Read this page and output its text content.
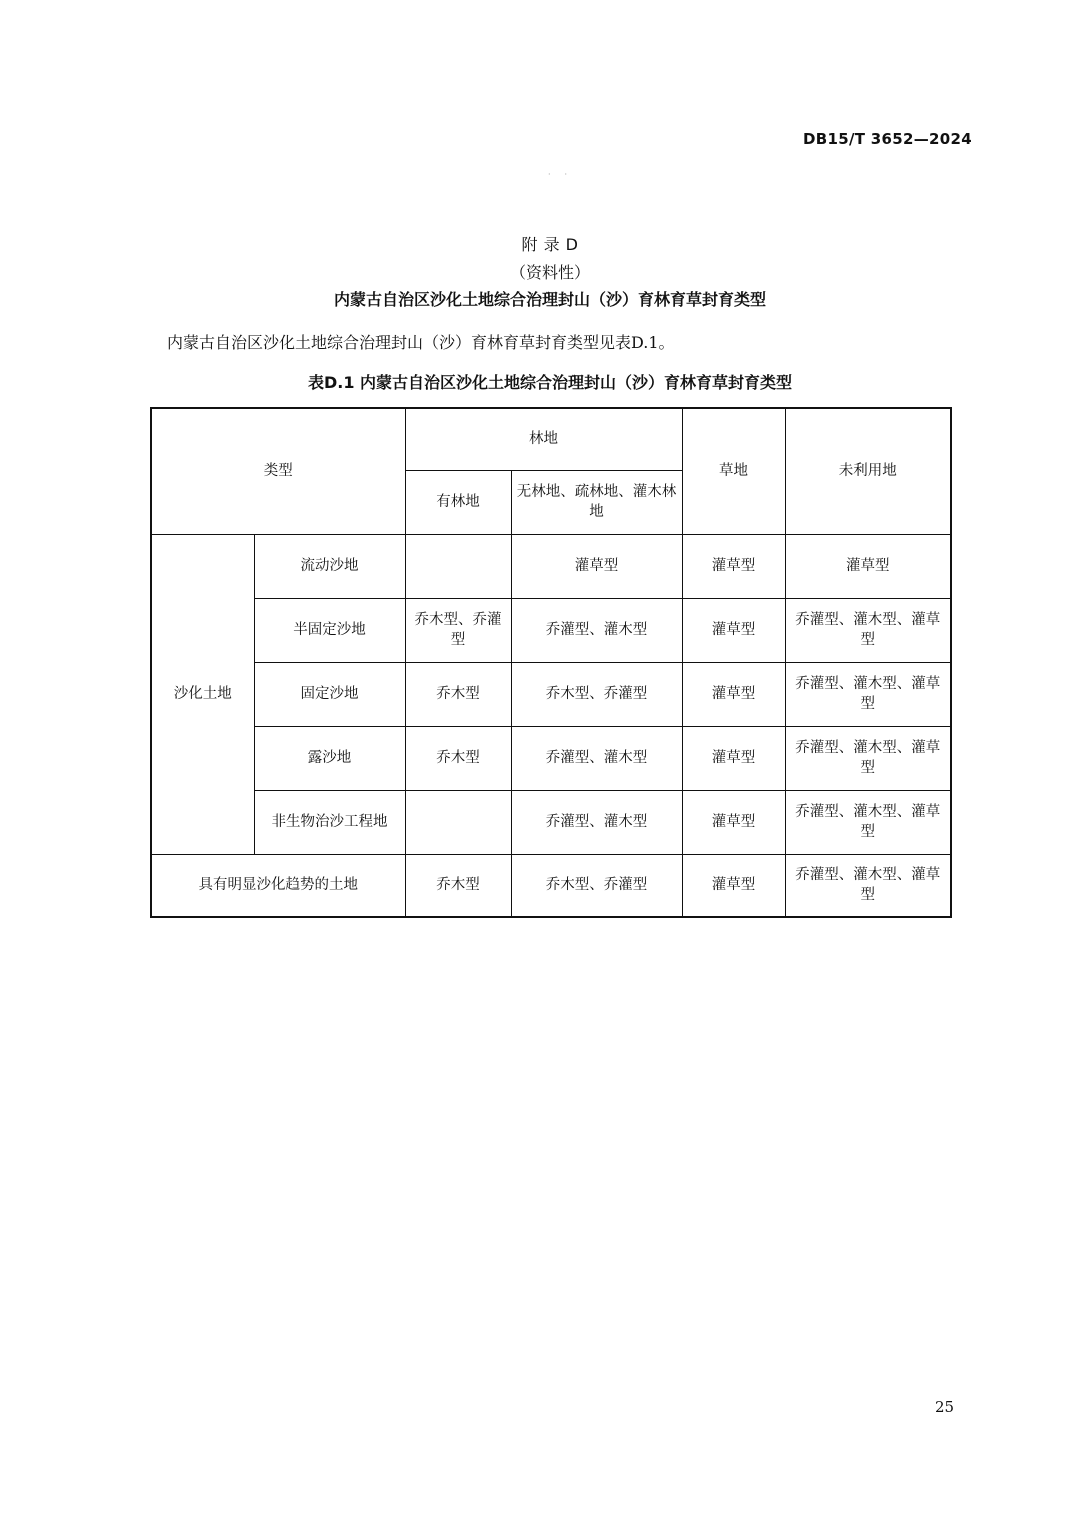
DB15/T 3652—2024
··
附 录 D
（资料性）
内蒙古自治区沙化土地综合治理封山（沙）育林育草封育类型
内蒙古自治区沙化土地综合治理封山（沙）育林育草封育类型见表D.1。
表D.1 内蒙古自治区沙化土地综合治理封山（沙）育林育草封育类型
类型		林地		草地	未利用地
		有林地	无林地、疏林地、灌木林地		
沙化土地	流动沙地		灌草型	灌草型	灌草型
	半固定沙地	乔木型、乔灌型	乔灌型、灌木型	灌草型	乔灌型、灌木型、灌草型
	固定沙地	乔木型	乔木型、乔灌型	灌草型	乔灌型、灌木型、灌草型
	露沙地	乔木型	乔灌型、灌木型	灌草型	乔灌型、灌木型、灌草型
	非生物治沙工程地		乔灌型、灌木型	灌草型	乔灌型、灌木型、灌草型
具有明显沙化趋势的土地		乔木型	乔木型、乔灌型	灌草型	乔灌型、灌木型、灌草型
25
